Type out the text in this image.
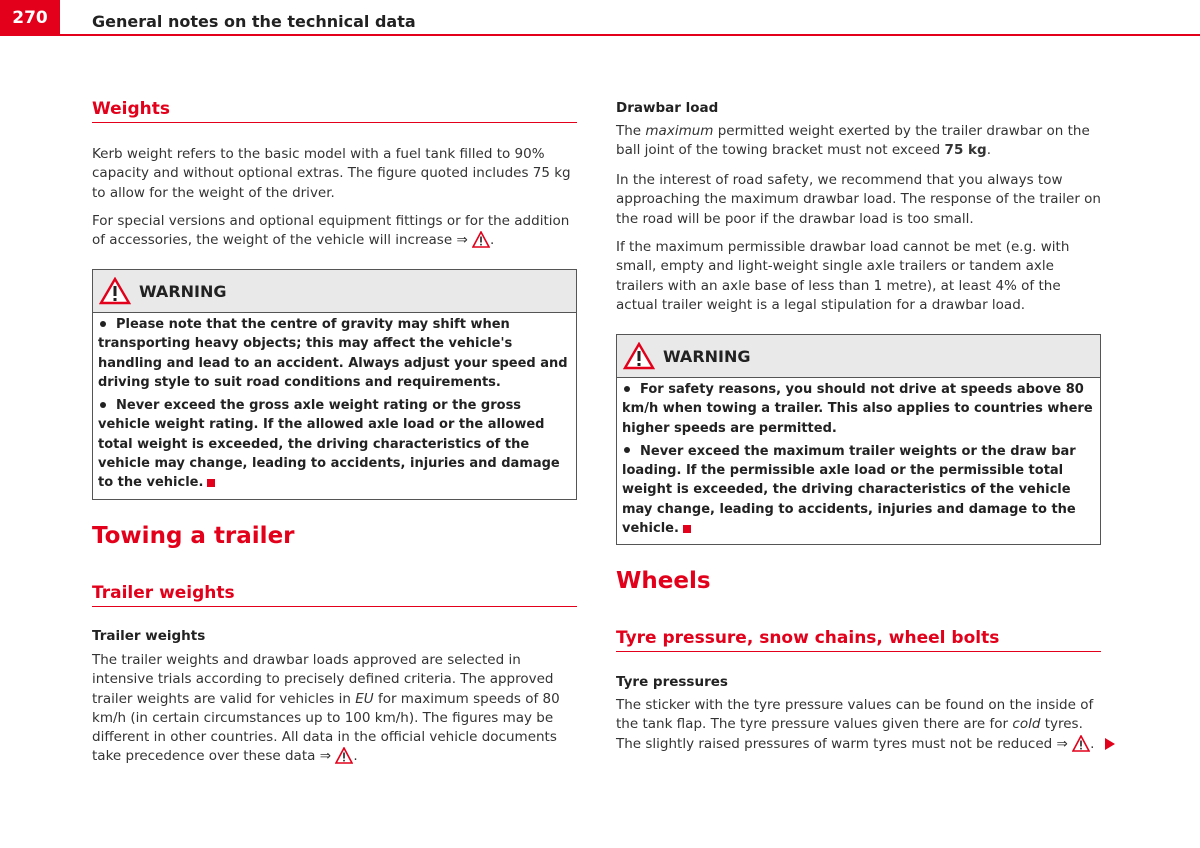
270	General notes on the technical data
Weights

Kerb weight refers to the basic model with a fuel tank filled to 90% capacity and without optional extras. The figure quoted includes 75 kg to allow for the weight of the driver.

For special versions and optional equipment fittings or for the addition of accessories, the weight of the vehicle will increase ⇒ .

WARNING
Please note that the centre of gravity may shift when transporting heavy objects; this may affect the vehicle's handling and lead to an accident. Always adjust your speed and driving style to suit road conditions and requirements.
Never exceed the gross axle weight rating or the gross vehicle weight rating. If the allowed axle load or the allowed total weight is exceeded, the driving characteristics of the vehicle may change, leading to accidents, injuries and damage to the vehicle.
Towing a trailer
Trailer weights
Trailer weights

The trailer weights and drawbar loads approved are selected in intensive trials according to precisely defined criteria. The approved trailer weights are valid for vehicles in EU for maximum speeds of 80 km/h (in certain circumstances up to 100 km/h). The figures may be different in other countries. All data in the official vehicle documents take precedence over these data ⇒ .

Drawbar load

The maximum permitted weight exerted by the trailer drawbar on the ball joint of the towing bracket must not exceed 75 kg.

In the interest of road safety, we recommend that you always tow approaching the maximum drawbar load. The response of the trailer on the road will be poor if the drawbar load is too small.

If the maximum permissible drawbar load cannot be met (e.g. with small, empty and light-weight single axle trailers or tandem axle trailers with an axle base of less than 1 metre), at least 4% of the actual trailer weight is a legal stipulation for a drawbar load.

WARNING
For safety reasons, you should not drive at speeds above 80 km/h when towing a trailer. This also applies to countries where higher speeds are permitted.
Never exceed the maximum trailer weights or the draw bar loading. If the permissible axle load or the permissible total weight is exceeded, the driving characteristics of the vehicle may change, leading to accidents, injuries and damage to the vehicle.
Wheels
Tyre pressure, snow chains, wheel bolts
Tyre pressures

The sticker with the tyre pressure values can be found on the inside of the tank flap. The tyre pressure values given there are for cold tyres. The slightly raised pressures of warm tyres must not be reduced ⇒ .
